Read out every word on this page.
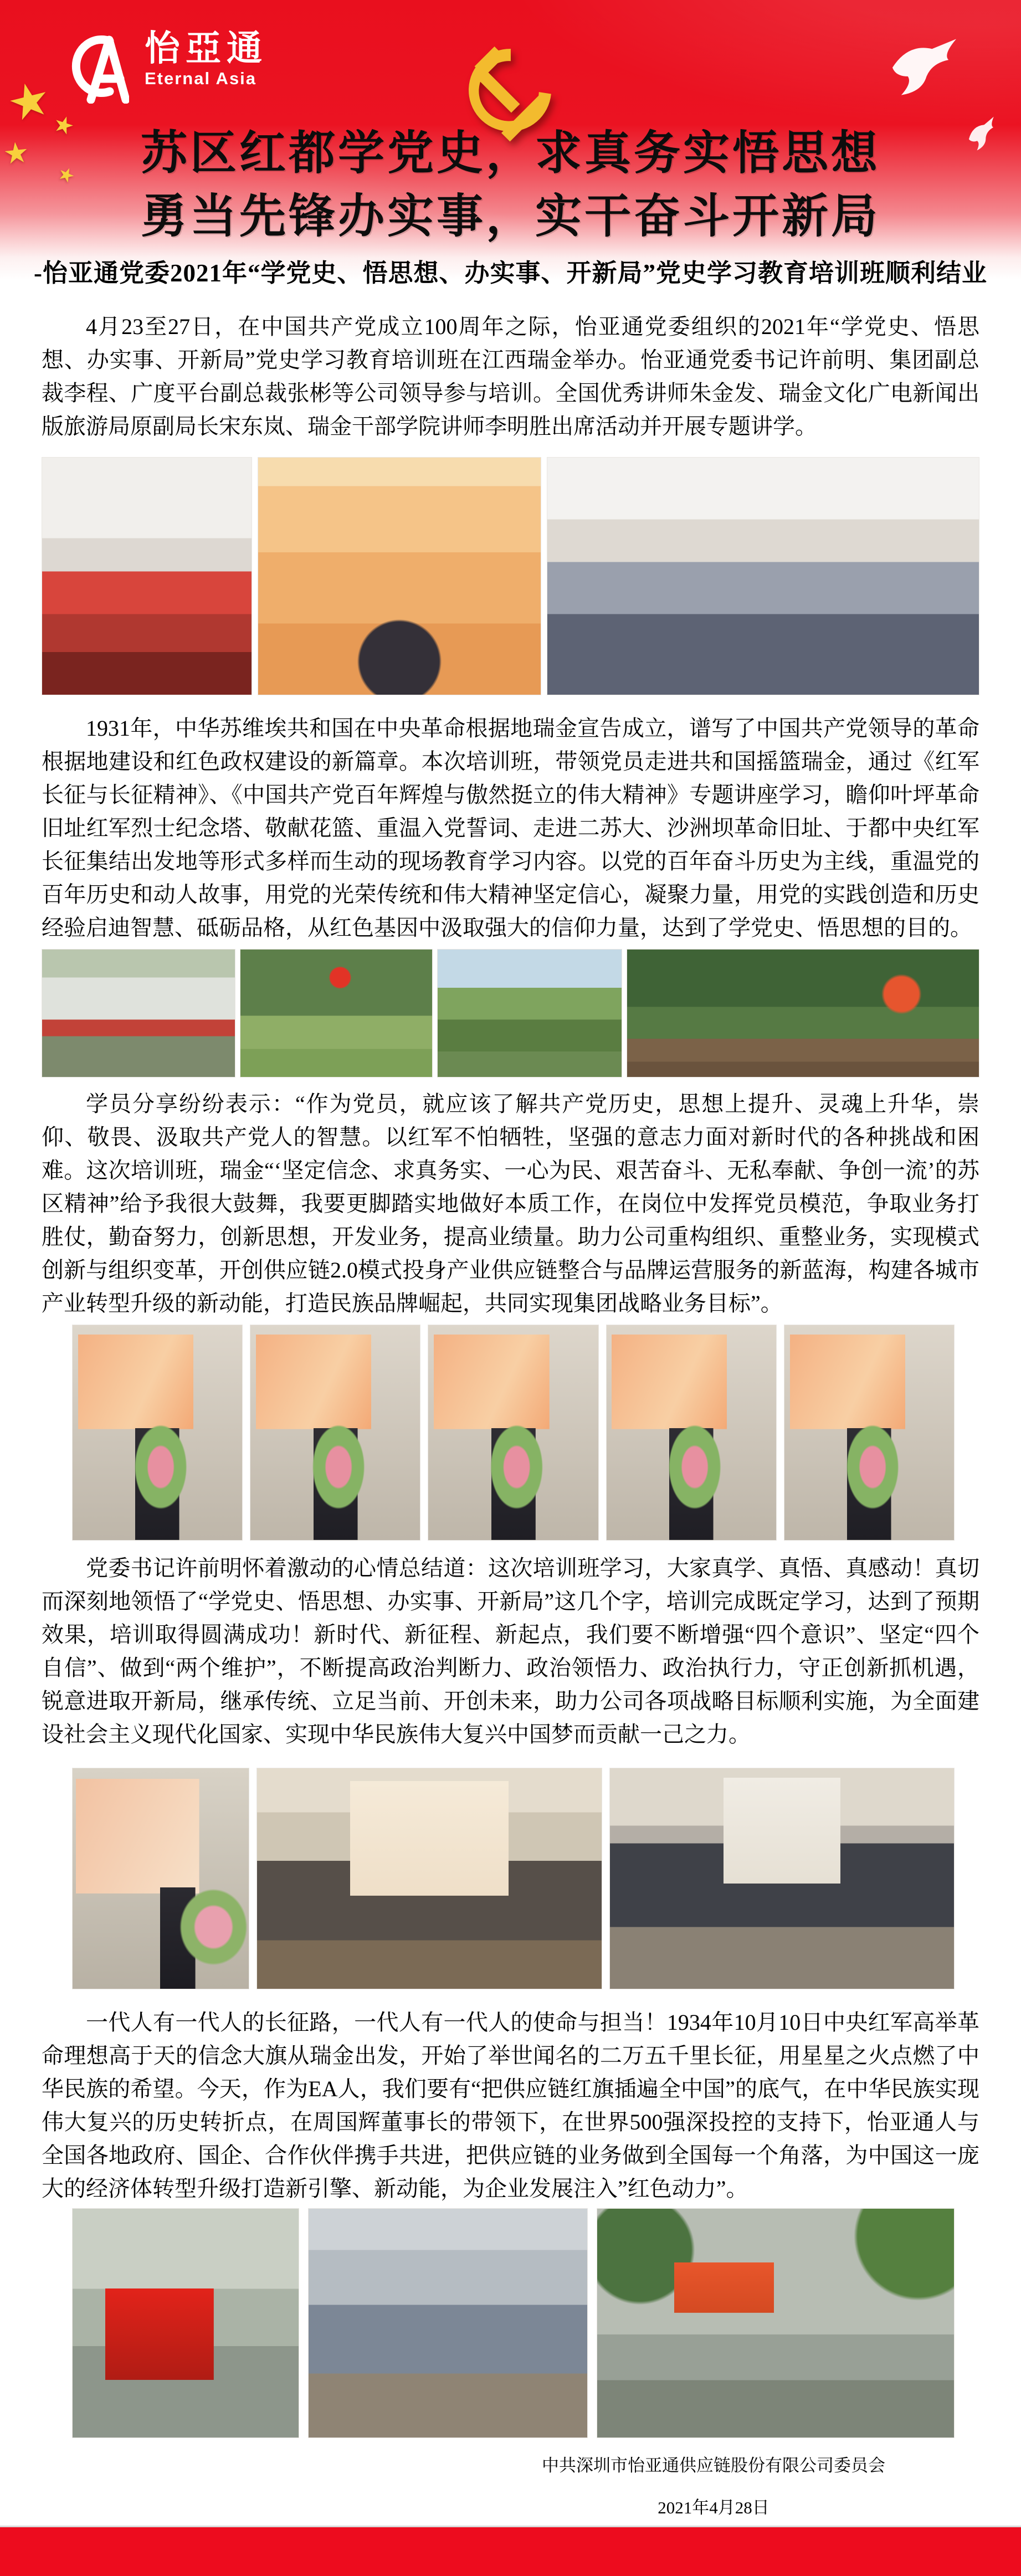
怡亞通
Eternal Asia
★
★
★
★	苏区红都学党史，求真务实悟思想
勇当先锋办实事，实干奋斗开新局
-怡亚通党委2021年“学党史、悟思想、办实事、开新局”党史学习教育培训班顺利结业

4月23至27日，在中国共产党成立100周年之际，怡亚通党委组织的2021年“学党史、悟思想、办实事、开新局”党史学习教育培训班在江西瑞金举办。怡亚通党委书记许前明、集团副总裁李程、广度平台副总裁张彬等公司领导参与培训。全国优秀讲师朱金发、瑞金文化广电新闻出版旅游局原副局长宋东岚、瑞金干部学院讲师李明胜出席活动并开展专题讲学。

1931年，中华苏维埃共和国在中央革命根据地瑞金宣告成立，谱写了中国共产党领导的革命根据地建设和红色政权建设的新篇章。本次培训班，带领党员走进共和国摇篮瑞金，通过《红军长征与长征精神》、《中国共产党百年辉煌与傲然挺立的伟大精神》专题讲座学习，瞻仰叶坪革命旧址红军烈士纪念塔、敬献花篮、重温入党誓词、走进二苏大、沙洲坝革命旧址、于都中央红军长征集结出发地等形式多样而生动的现场教育学习内容。以党的百年奋斗历史为主线，重温党的百年历史和动人故事，用党的光荣传统和伟大精神坚定信心，凝聚力量，用党的实践创造和历史经验启迪智慧、砥砺品格，从红色基因中汲取强大的信仰力量，达到了学党史、悟思想的目的。

学员分享纷纷表示：“作为党员，就应该了解共产党历史，思想上提升、灵魂上升华，崇仰、敬畏、汲取共产党人的智慧。以红军不怕牺牲，坚强的意志力面对新时代的各种挑战和困难。这次培训班，瑞金“‘坚定信念、求真务实、一心为民、艰苦奋斗、无私奉献、争创一流’的苏区精神”给予我很大鼓舞，我要更脚踏实地做好本质工作，在岗位中发挥党员模范，争取业务打胜仗，勤奋努力，创新思想，开发业务，提高业绩量。助力公司重构组织、重整业务，实现模式创新与组织变革，开创供应链2.0模式投身产业供应链整合与品牌运营服务的新蓝海，构建各城市产业转型升级的新动能，打造民族品牌崛起，共同实现集团战略业务目标”。

党委书记许前明怀着激动的心情总结道：这次培训班学习，大家真学、真悟、真感动！真切而深刻地领悟了“学党史、悟思想、办实事、开新局”这几个字，培训完成既定学习，达到了预期效果，培训取得圆满成功！新时代、新征程、新起点，我们要不断增强“四个意识”、坚定“四个自信”、做到“两个维护”，不断提高政治判断力、政治领悟力、政治执行力，守正创新抓机遇，锐意进取开新局，继承传统、立足当前、开创未来，助力公司各项战略目标顺利实施，为全面建设社会主义现代化国家、实现中华民族伟大复兴中国梦而贡献一己之力。

一代人有一代人的长征路，一代人有一代人的使命与担当！1934年10月10日中央红军高举革命理想高于天的信念大旗从瑞金出发，开始了举世闻名的二万五千里长征，用星星之火点燃了中华民族的希望。今天，作为EA人，我们要有“把供应链红旗插遍全中国”的底气，在中华民族实现伟大复兴的历史转折点，在周国辉董事长的带领下，在世界500强深投控的支持下，怡亚通人与全国各地政府、国企、合作伙伴携手共进，把供应链的业务做到全国每一个角落，为中国这一庞大的经济体转型升级打造新引擎、新动能，为企业发展注入”红色动力”。

中共深圳市怡亚通供应链股份有限公司委员会
2021年4月28日
